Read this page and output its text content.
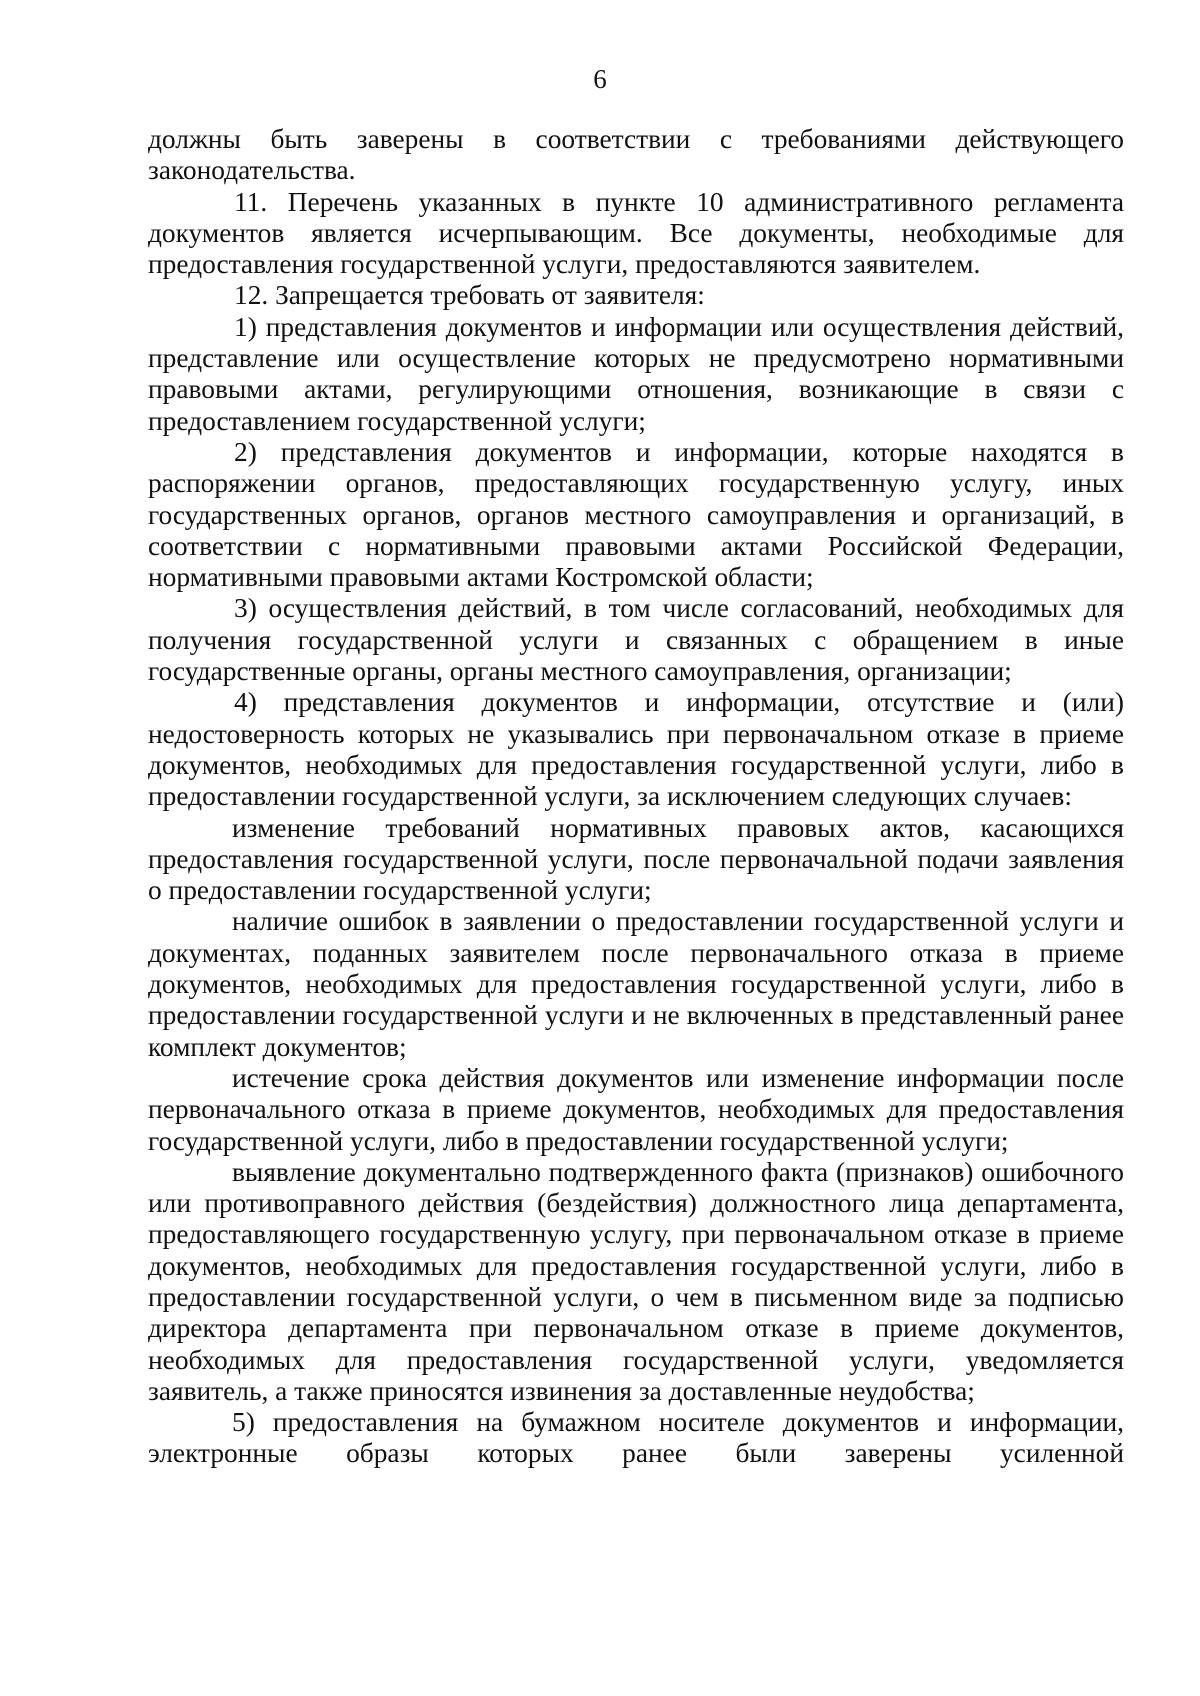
6

должны быть заверены в соответствии с требованиями действующего законодательства.

11. Перечень указанных в пункте 10 административного регламента документов является исчерпывающим. Все документы, необходимые для предоставления государственной услуги, предоставляются заявителем.

12. Запрещается требовать от заявителя:

1) представления документов и информации или осуществления действий, представление или осуществление которых не предусмотрено нормативными правовыми актами, регулирующими отношения, возникающие в связи с предоставлением государственной услуги;

2) представления документов и информации, которые находятся в распоряжении органов, предоставляющих государственную услугу, иных государственных органов, органов местного самоуправления и организаций, в соответствии с нормативными правовыми актами Российской Федерации, нормативными правовыми актами Костромской области;

3) осуществления действий, в том числе согласований, необходимых для получения государственной услуги и связанных с обращением в иные государственные органы, органы местного самоуправления, организации;

4) представления документов и информации, отсутствие и (или) недостоверность которых не указывались при первоначальном отказе в приеме документов, необходимых для предоставления государственной услуги, либо в предоставлении государственной услуги, за исключением следующих случаев:

изменение требований нормативных правовых актов, касающихся предоставления государственной услуги, после первоначальной подачи заявления о предоставлении государственной услуги;

наличие ошибок в заявлении о предоставлении государственной услуги и документах, поданных заявителем после первоначального отказа в приеме документов, необходимых для предоставления государственной услуги, либо в предоставлении государственной услуги и не включенных в представленный ранее комплект документов;

истечение срока действия документов или изменение информации после первоначального отказа в приеме документов, необходимых для предоставления государственной услуги, либо в предоставлении государственной услуги;

выявление документально подтвержденного факта (признаков) ошибочного или противоправного действия (бездействия) должностного лица департамента, предоставляющего государственную услугу, при первоначальном отказе в приеме документов, необходимых для предоставления государственной услуги, либо в предоставлении государственной услуги, о чем в письменном виде за подписью директора департамента при первоначальном отказе в приеме документов, необходимых для предоставления государственной услуги, уведомляется заявитель, а также приносятся извинения за доставленные неудобства;

5) предоставления на бумажном носителе документов и информации, электронные образы которых ранее были заверены усиленной
